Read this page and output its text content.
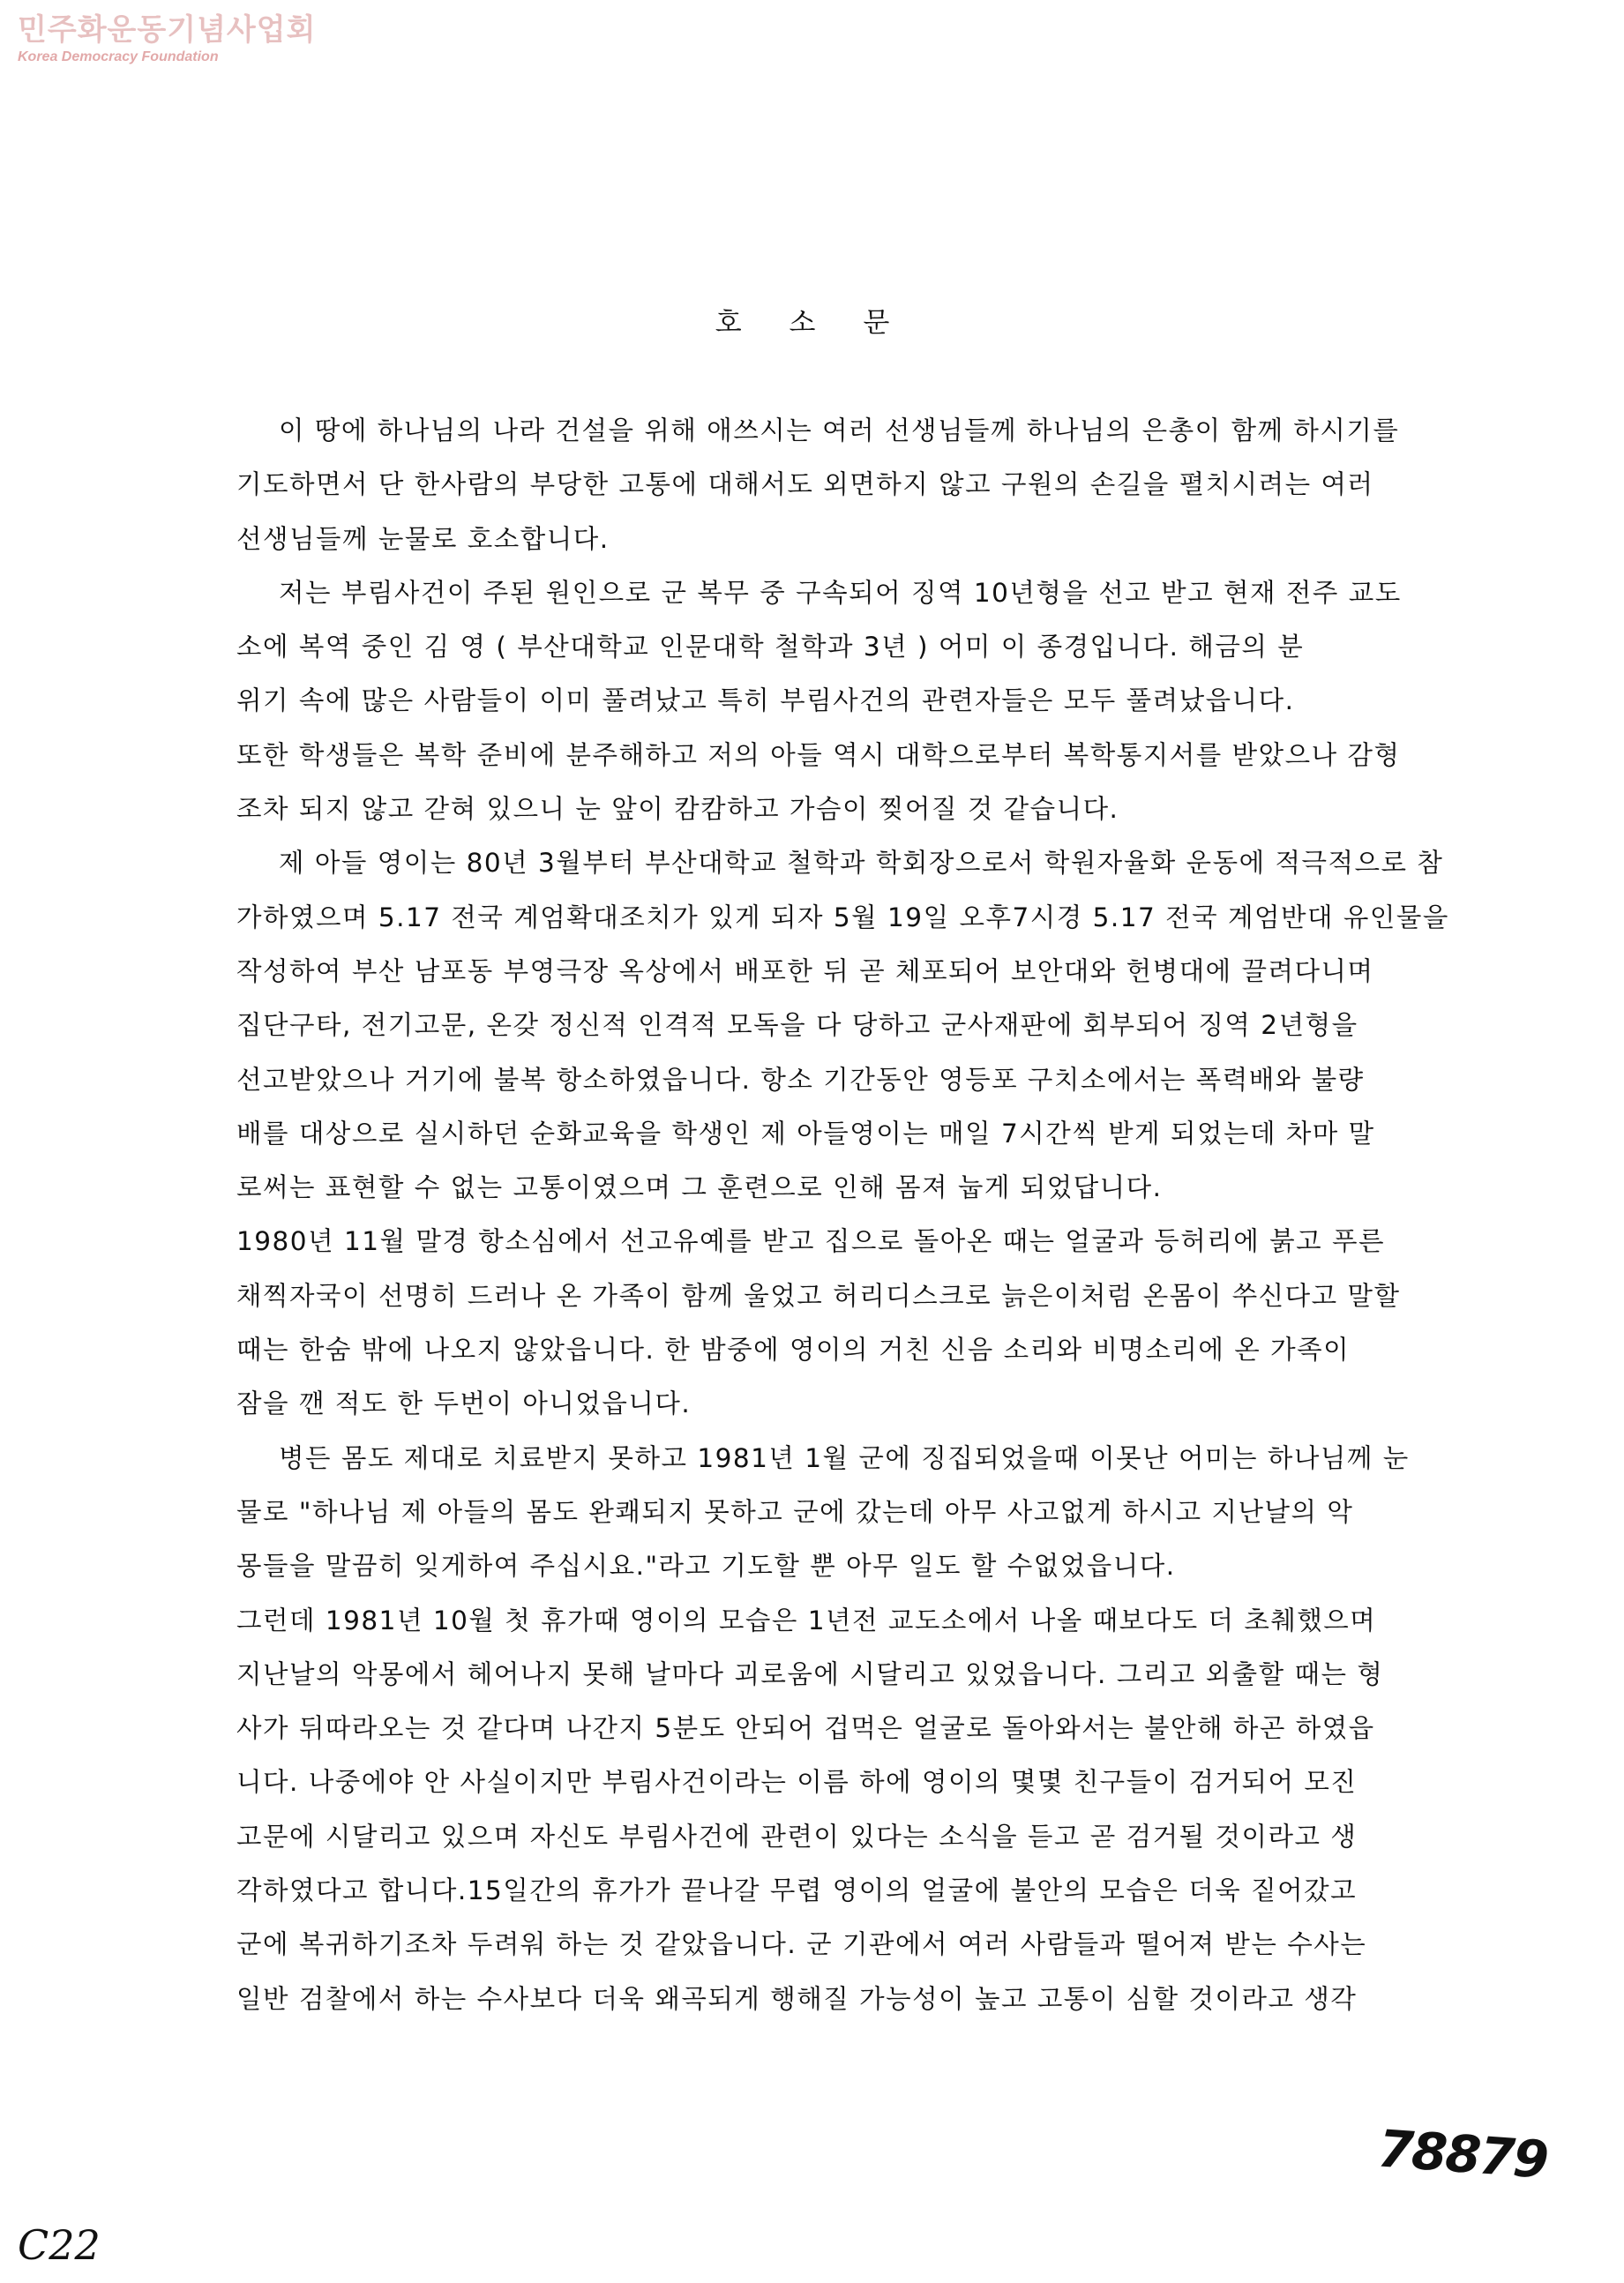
민주화운동기념사업회
Korea Democracy Foundation
호 소 문
이 땅에 하나님의 나라 건설을 위해 애쓰시는 여러 선생님들께 하나님의 은총이 함께 하시기를
기도하면서 단 한사람의 부당한 고통에 대해서도 외면하지 않고 구원의 손길을 펼치시려는 여러
선생님들께 눈물로 호소합니다.
저는 부림사건이 주된 원인으로 군 복무 중 구속되어 징역 10년형을 선고 받고 현재 전주 교도
소에 복역 중인 김 영 ( 부산대학교 인문대학 철학과 3년 ) 어미 이 종경입니다. 해금의 분
위기 속에 많은 사람들이 이미 풀려났고 특히 부림사건의 관련자들은 모두 풀려났읍니다.
또한 학생들은 복학 준비에 분주해하고 저의 아들 역시 대학으로부터 복학통지서를 받았으나 감형
조차 되지 않고 갇혀 있으니 눈 앞이 캄캄하고 가슴이 찢어질 것 같습니다.
제 아들 영이는 80년 3월부터 부산대학교 철학과 학회장으로서 학원자율화 운동에 적극적으로 참
가하였으며 5.17 전국 계엄확대조치가 있게 되자 5월 19일 오후7시경 5.17 전국 계엄반대 유인물을
작성하여 부산 남포동 부영극장 옥상에서 배포한 뒤 곧 체포되어 보안대와 헌병대에 끌려다니며
집단구타, 전기고문, 온갖 정신적 인격적 모독을 다 당하고 군사재판에 회부되어 징역 2년형을
선고받았으나 거기에 불복 항소하였읍니다. 항소 기간동안 영등포 구치소에서는 폭력배와 불량
배를 대상으로 실시하던 순화교육을 학생인 제 아들영이는 매일 7시간씩 받게 되었는데 차마 말
로써는 표현할 수 없는 고통이였으며 그 훈련으로 인해 몸져 눕게 되었답니다.
1980년 11월 말경 항소심에서 선고유예를 받고 집으로 돌아온 때는 얼굴과 등허리에 붉고 푸른
채찍자국이 선명히 드러나 온 가족이 함께 울었고 허리디스크로 늙은이처럼 온몸이 쑤신다고 말할
때는 한숨 밖에 나오지 않았읍니다. 한 밤중에 영이의 거친 신음 소리와 비명소리에 온 가족이
잠을 깬 적도 한 두번이 아니었읍니다.
병든 몸도 제대로 치료받지 못하고 1981년 1월 군에 징집되었을때 이못난 어미는 하나님께 눈
물로 "하나님 제 아들의 몸도 완쾌되지 못하고 군에 갔는데 아무 사고없게 하시고 지난날의 악
몽들을 말끔히 잊게하여 주십시요."라고 기도할 뿐 아무 일도 할 수없었읍니다.
그런데 1981년 10월 첫 휴가때 영이의 모습은 1년전 교도소에서 나올 때보다도 더 초췌했으며
지난날의 악몽에서 헤어나지 못해 날마다 괴로움에 시달리고 있었읍니다. 그리고 외출할 때는 형
사가 뒤따라오는 것 같다며 나간지 5분도 안되어 겁먹은 얼굴로 돌아와서는 불안해 하곤 하였읍
니다. 나중에야 안 사실이지만 부림사건이라는 이름 하에 영이의 몇몇 친구들이 검거되어 모진
고문에 시달리고 있으며 자신도 부림사건에 관련이 있다는 소식을 듣고 곧 검거될 것이라고 생
각하였다고 합니다.15일간의 휴가가 끝나갈 무렵 영이의 얼굴에 불안의 모습은 더욱 짙어갔고
군에 복귀하기조차 두려워 하는 것 같았읍니다. 군 기관에서 여러 사람들과 떨어져 받는 수사는
일반 검찰에서 하는 수사보다 더욱 왜곡되게 행해질 가능성이 높고 고통이 심할 것이라고 생각
78879
C22
